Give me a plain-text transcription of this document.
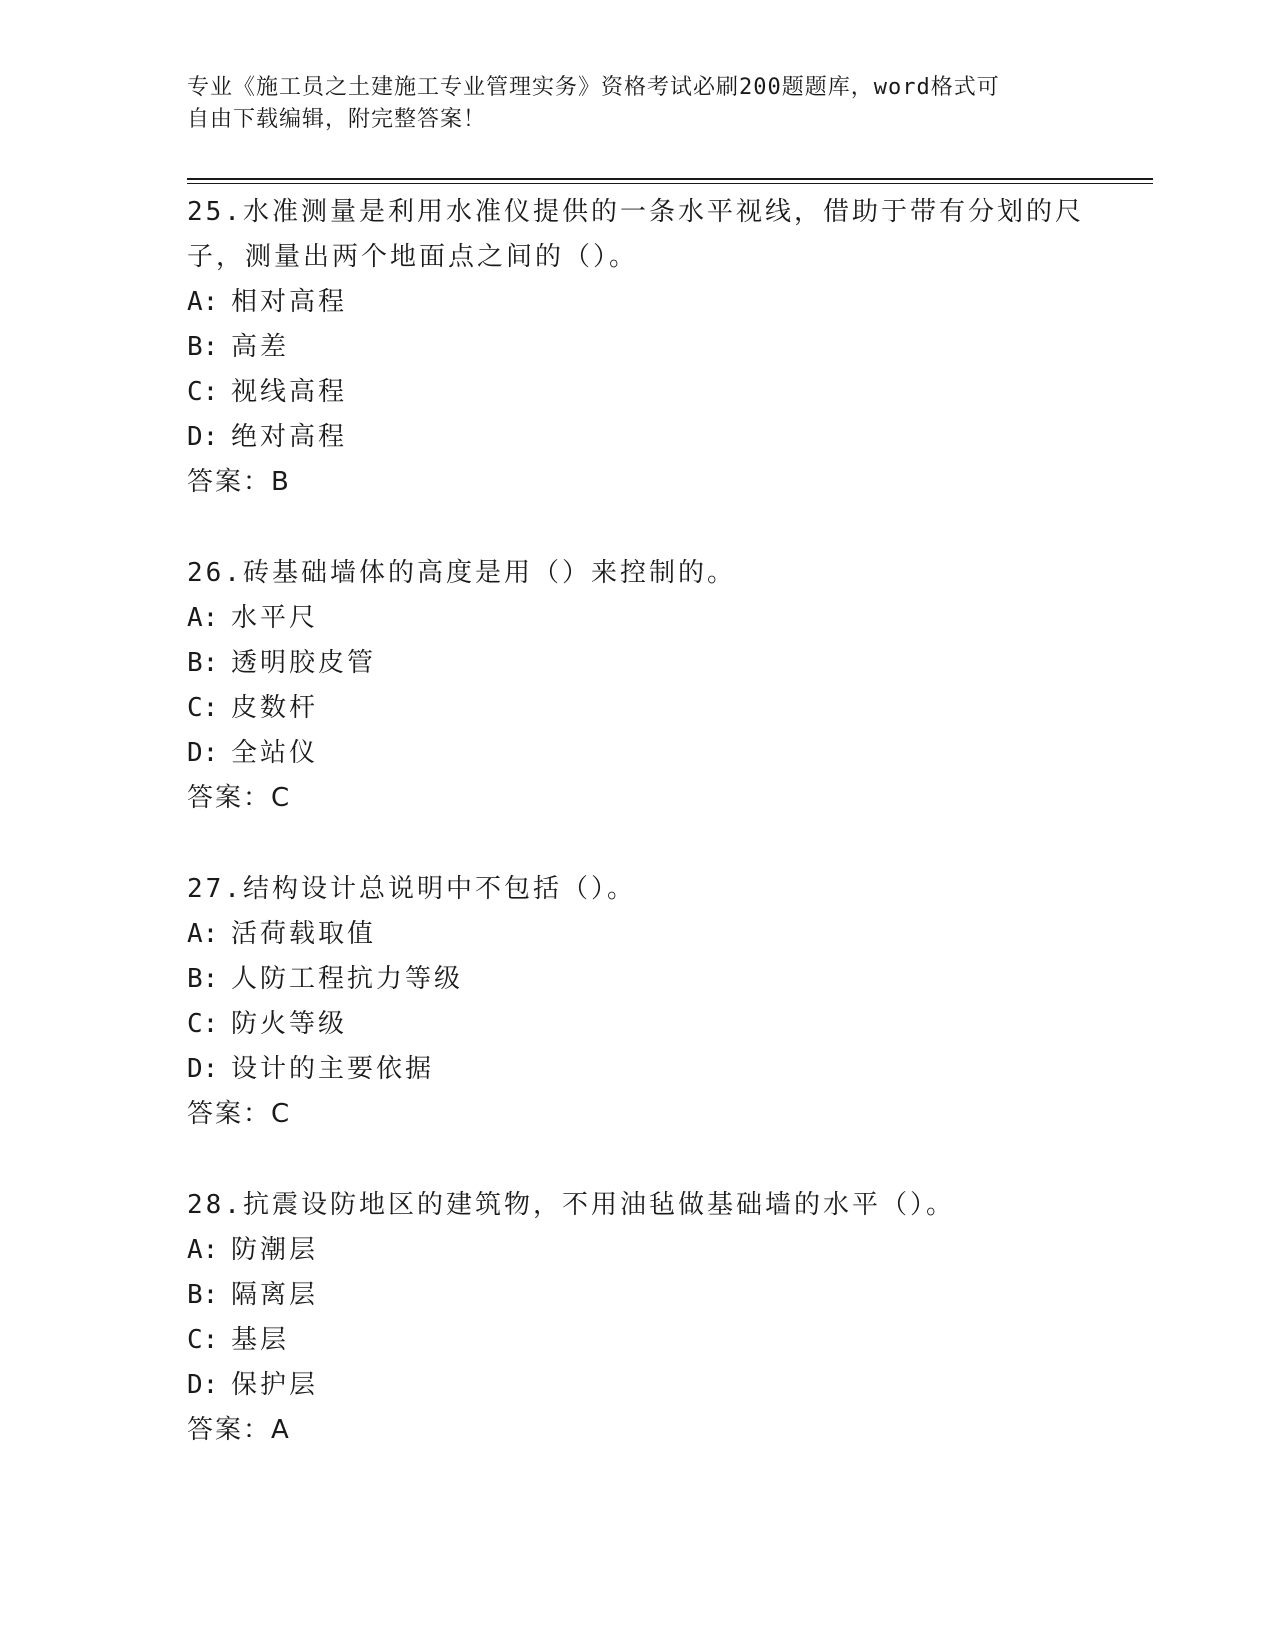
专业《施工员之土建施工专业管理实务》资格考试必刷200题题库，word格式可
自由下载编辑，附完整答案！
25.水准测量是利用水准仪提供的一条水平视线，借助于带有分划的尺
子，测量出两个地面点之间的（）。
A: 相对高程
B: 高差
C: 视线高程
D: 绝对高程
答案：B
26.砖基础墙体的高度是用（）来控制的。
A: 水平尺
B: 透明胶皮管
C: 皮数杆
D: 全站仪
答案：C
27.结构设计总说明中不包括（）。
A: 活荷载取值
B: 人防工程抗力等级
C: 防火等级
D: 设计的主要依据
答案：C
28.抗震设防地区的建筑物，不用油毡做基础墙的水平（）。
A: 防潮层
B: 隔离层
C: 基层
D: 保护层
答案：A
